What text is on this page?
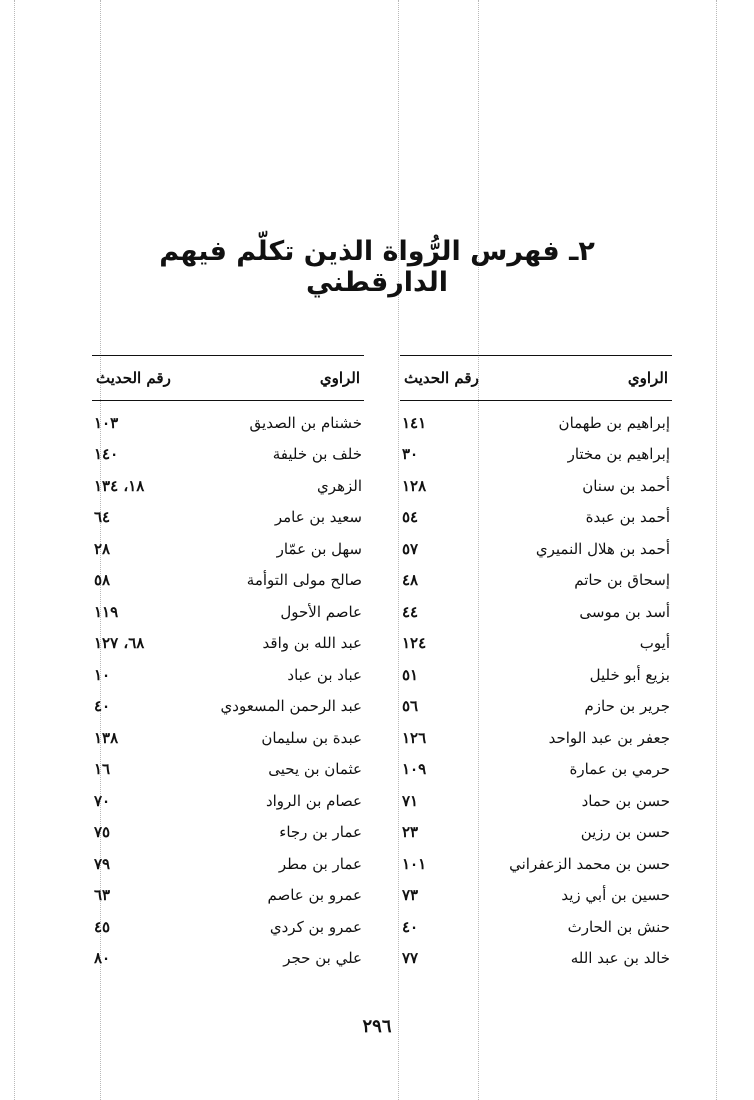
٢ـ فهرس الرُّواة الذين تكلّم فيهم الدارقطني
الراوي
رقم الحديث
إبراهيم بن طهمان
١٤١
إبراهيم بن مختار
٣٠
أحمد بن سنان
١٢٨
أحمد بن عبدة
٥٤
أحمد بن هلال النميري
٥٧
إسحاق بن حاتم
٤٨
أسد بن موسى
٤٤
أيوب
١٢٤
بزيع أبو خليل
٥١
جرير بن حازم
٥٦
جعفر بن عبد الواحد
١٢٦
حرمي بن عمارة
١٠٩
حسن بن حماد
٧١
حسن بن رزين
٢٣
حسن بن محمد الزعفراني
١٠١
حسين بن أبي زيد
٧٣
حنش بن الحارث
٤٠
خالد بن عبد الله
٧٧
الراوي
رقم الحديث
خشنام بن الصديق
١٠٣
خلف بن خليفة
١٤٠
الزهري
١٨، ١٣٤
سعيد بن عامر
٦٤
سهل بن عمّار
٢٨
صالح مولى التوأمة
٥٨
عاصم الأحول
١١٩
عبد الله بن واقد
٦٨، ١٢٧
عباد بن عباد
١٠
عبد الرحمن المسعودي
٤٠
عبدة بن سليمان
١٣٨
عثمان بن يحيى
١٦
عصام بن الرواد
٧٠
عمار بن رجاء
٧٥
عمار بن مطر
٧٩
عمرو بن عاصم
٦٣
عمرو بن كردي
٤٥
علي بن حجر
٨٠
٢٩٦
